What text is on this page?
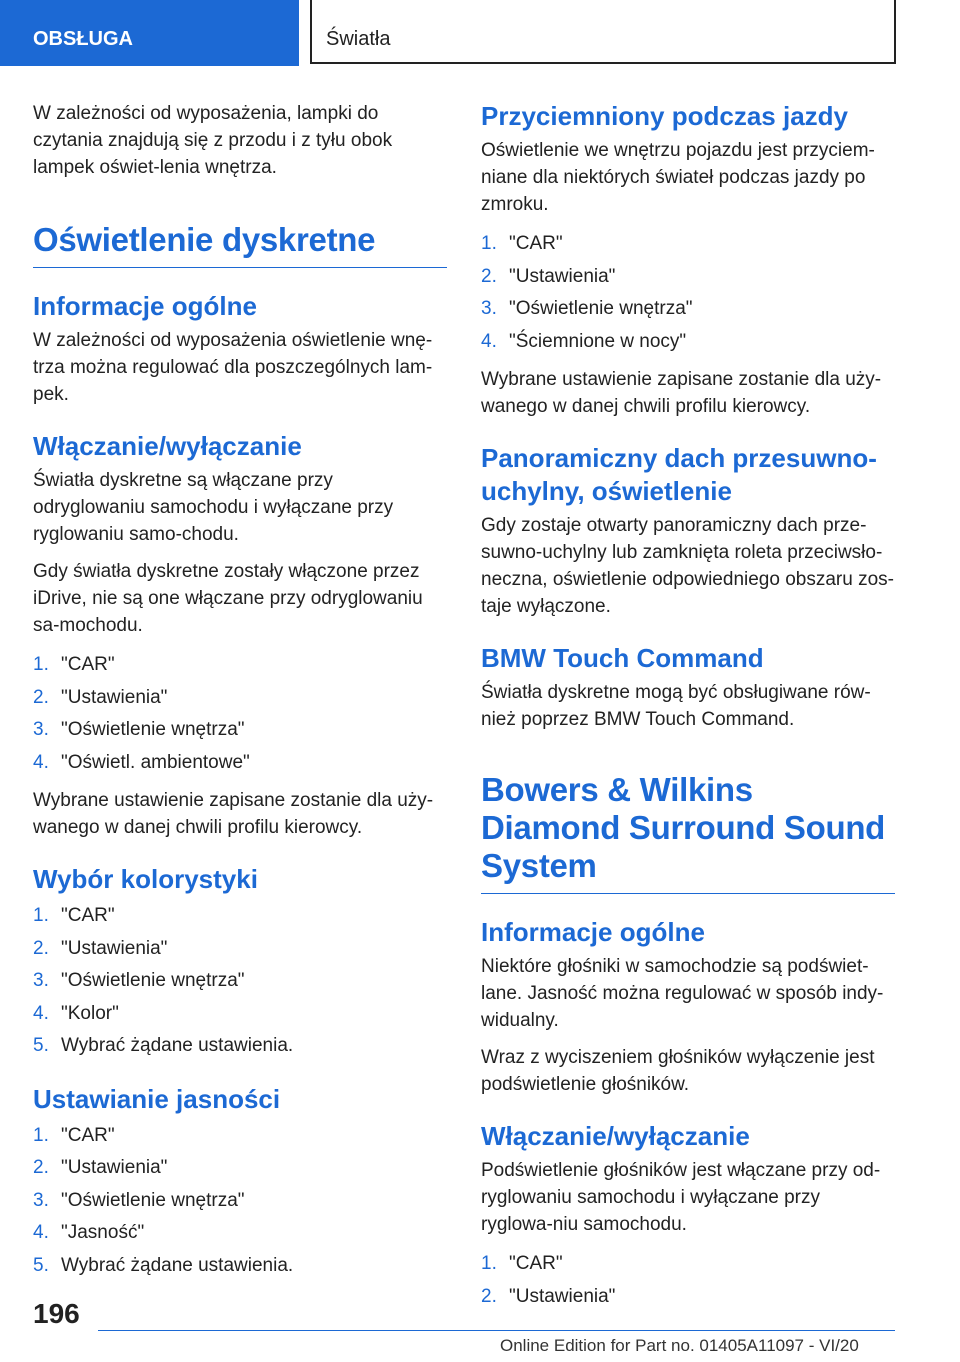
OBSŁUGA	Światła

W zależności od wyposażenia, lampki do czytania znajdują się z przodu i z tyłu obok lampek oświet-lenia wnętrza.

Oświetlenie dyskretne
Informacje ogólne

W zależności od wyposażenia oświetlenie wnę-trza można regulować dla poszczególnych lam-pek.

Włączanie/wyłączanie

Światła dyskretne są włączane przy odryglowaniu samochodu i wyłączane przy ryglowaniu samo-chodu.

Gdy światła dyskretne zostały włączone przez iDrive, nie są one włączane przy odryglowaniu sa-mochodu.

1. "CAR"
2. "Ustawienia"
3. "Oświetlenie wnętrza"
4. "Oświetl. ambientowe"

Wybrane ustawienie zapisane zostanie dla uży-wanego w danej chwili profilu kierowcy.

Wybór kolorystyki
1. "CAR"
2. "Ustawienia"
3. "Oświetlenie wnętrza"
4. "Kolor"
5. Wybrać żądane ustawienia.
Ustawianie jasności
1. "CAR"
2. "Ustawienia"
3. "Oświetlenie wnętrza"
4. "Jasność"
5. Wybrać żądane ustawienia.
Przyciemniony podczas jazdy

Oświetlenie we wnętrzu pojazdu jest przyciem-niane dla niektórych świateł podczas jazdy po zmroku.

1. "CAR"
2. "Ustawienia"
3. "Oświetlenie wnętrza"
4. "Ściemnione w nocy"

Wybrane ustawienie zapisane zostanie dla uży-wanego w danej chwili profilu kierowcy.

Panoramiczny dach przesuwno-uchylny, oświetlenie

Gdy zostaje otwarty panoramiczny dach prze-suwno-uchylny lub zamknięta roleta przeciwsło-neczna, oświetlenie odpowiedniego obszaru zos-taje wyłączone.

BMW Touch Command

Światła dyskretne mogą być obsługiwane rów-nież poprzez BMW Touch Command.

Bowers & Wilkins Diamond Surround Sound System
Informacje ogólne

Niektóre głośniki w samochodzie są podświet-lane. Jasność można regulować w sposób indy-widualny.

Wraz z wyciszeniem głośników wyłączenie jest podświetlenie głośników.

Włączanie/wyłączanie

Podświetlenie głośników jest włączane przy od-ryglowaniu samochodu i wyłączane przy ryglowa-niu samochodu.

1. "CAR"
2. "Ustawienia"
196
Online Edition for Part no. 01405A11097 - VI/20
